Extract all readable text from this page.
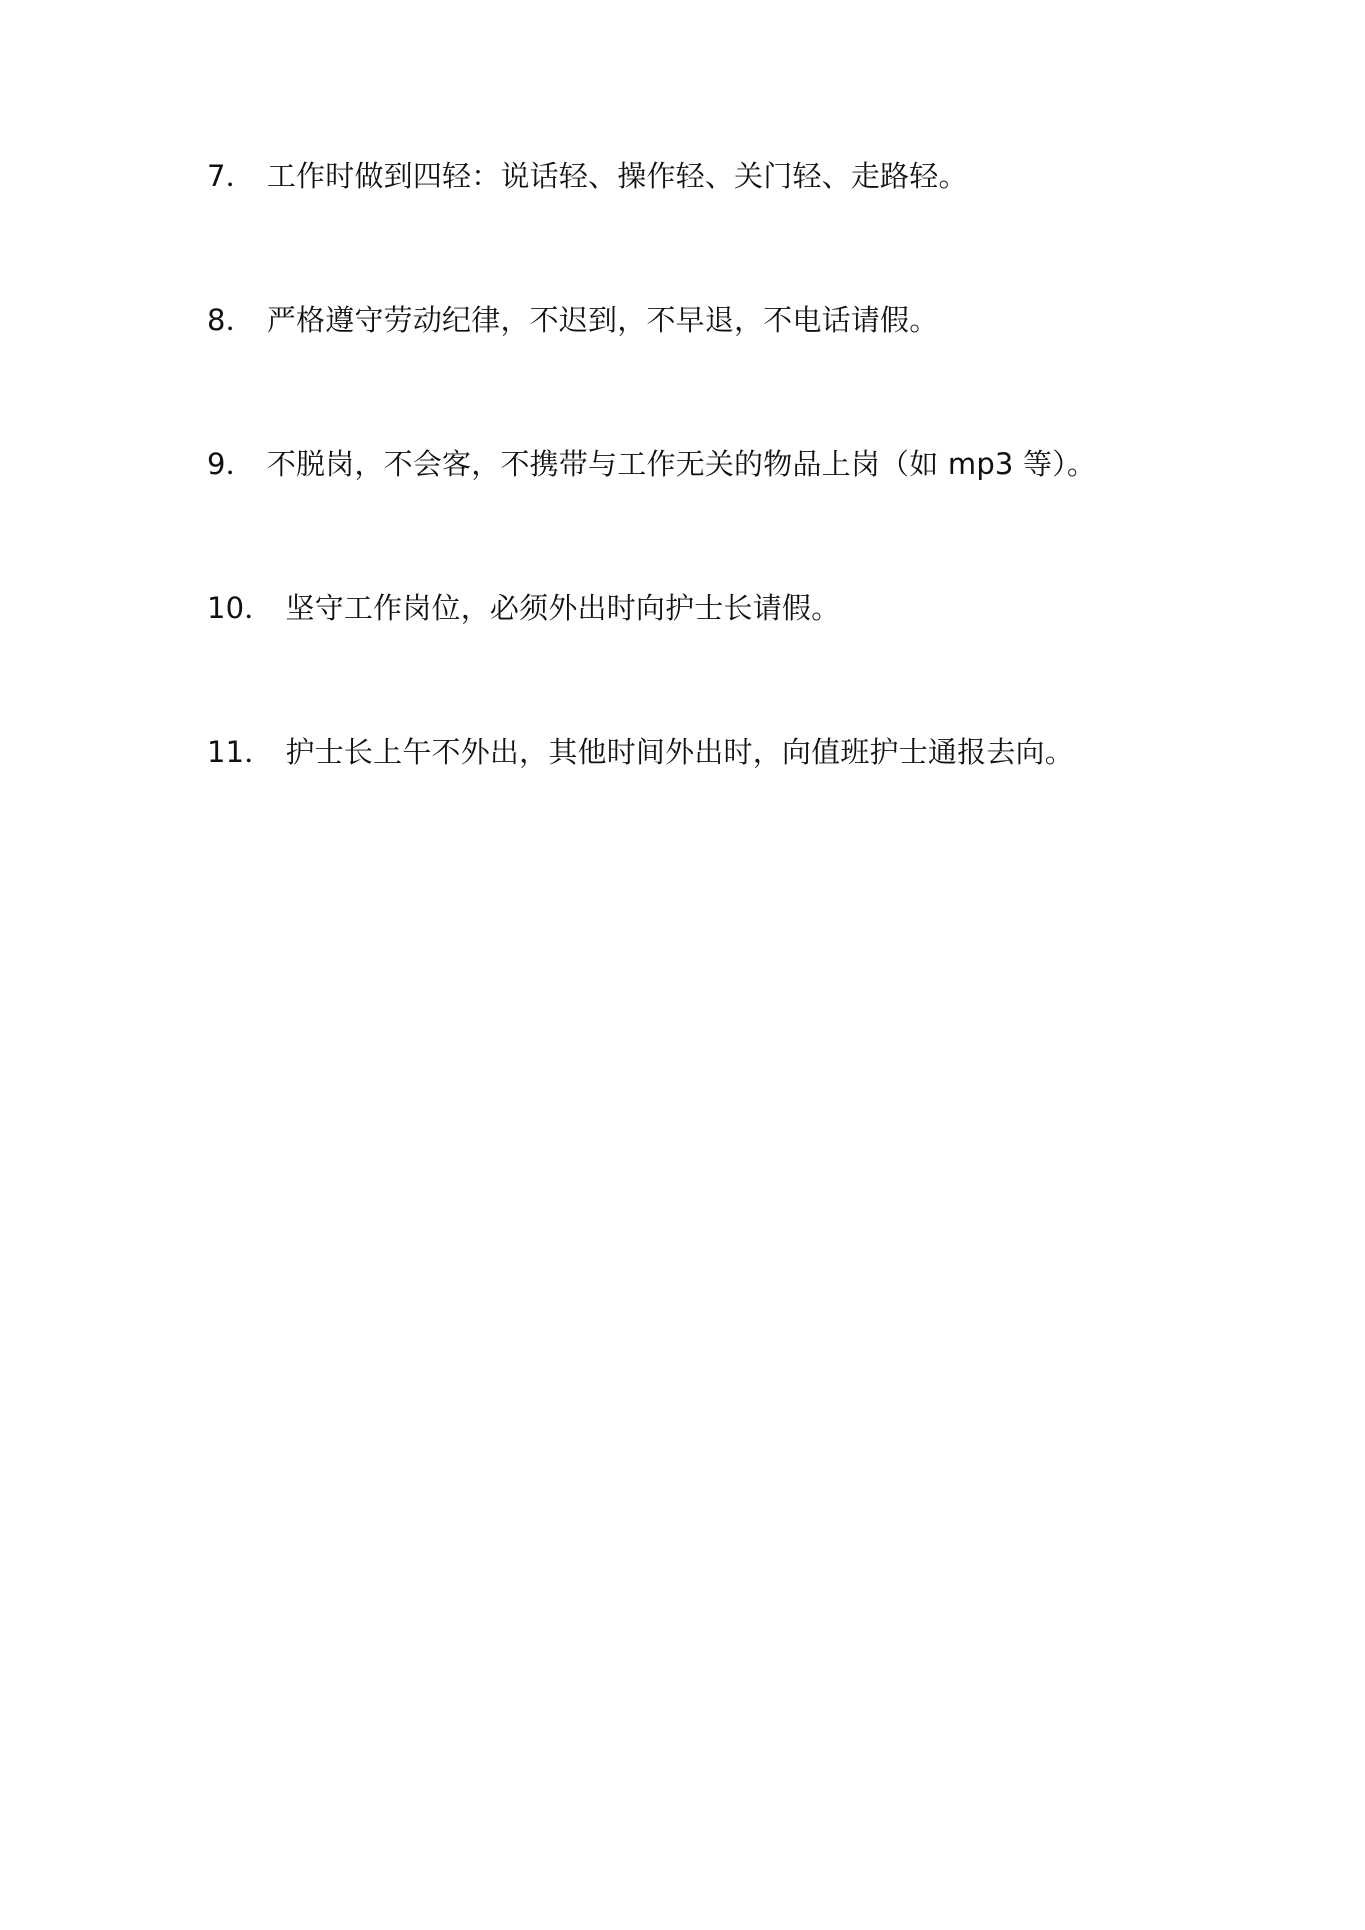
7． 工作时做到四轻：说话轻、操作轻、关门轻、走路轻。
8． 严格遵守劳动纪律，不迟到，不早退，不电话请假。
9． 不脱岗，不会客，不携带与工作无关的物品上岗（如 mp3 等）。
10． 坚守工作岗位，必须外出时向护士长请假。
11． 护士长上午不外出，其他时间外出时，向值班护士通报去向。
